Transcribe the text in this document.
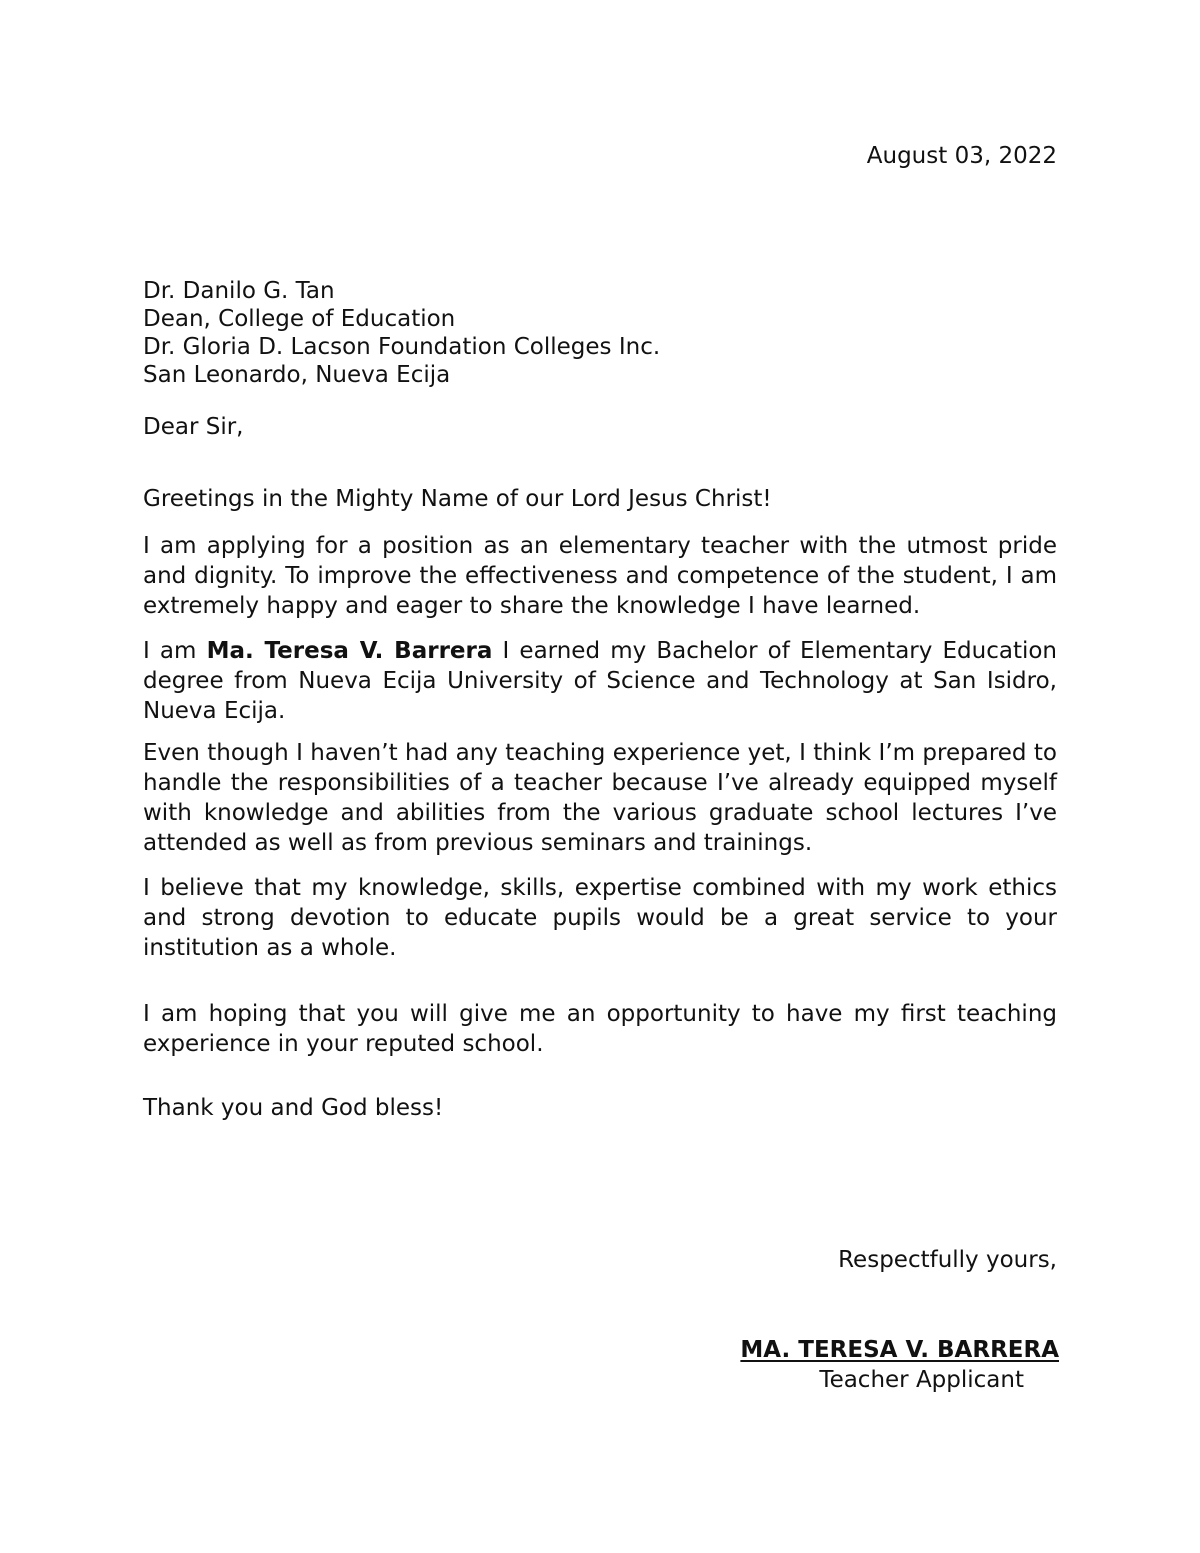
August 03, 2022
Dr. Danilo G. Tan
Dean, College of Education
Dr. Gloria D. Lacson Foundation Colleges Inc.
San Leonardo, Nueva Ecija
Dear Sir,
Greetings in the Mighty Name of our Lord Jesus Christ!
I am applying for a position as an elementary teacher with the utmost pride and dignity. To improve the effectiveness and competence of the student, I am extremely happy and eager to share the knowledge I have learned.
I am Ma. Teresa V. Barrera I earned my Bachelor of Elementary Education degree from Nueva Ecija University of Science and Technology at San Isidro, Nueva Ecija.
Even though I haven’t had any teaching experience yet, I think I’m prepared to handle the responsibilities of a teacher because I’ve already equipped myself with knowledge and abilities from the various graduate school lectures I’ve attended as well as from previous seminars and trainings.
I believe that my knowledge, skills, expertise combined with my work ethics and strong devotion to educate pupils would be a great service to your institution as a whole.
I am hoping that you will give me an opportunity to have my first teaching experience in your reputed school.
Thank you and God bless!
Respectfully yours,
MA. TERESA V. BARRERA
Teacher Applicant
